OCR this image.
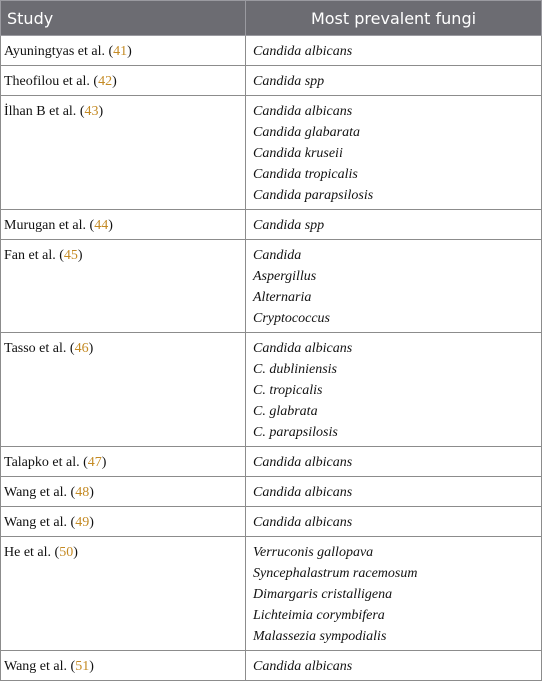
Study	Most prevalent fungi
Ayuningtyas et al. (41)	Candida albicans

Theofilou et al. (42)	Candida spp

İlhan B et al. (43)	Candida albicans
Candida glabarata
Candida kruseii
Candida tropicalis
Candida parapsilosis

Murugan et al. (44)	Candida spp

Fan et al. (45)	Candida
Aspergillus
Alternaria
Cryptococcus

Tasso et al. (46)	Candida albicans
C. dubliniensis
C. tropicalis
C. glabrata
C. parapsilosis

Talapko et al. (47)	Candida albicans

Wang et al. (48)	Candida albicans

Wang et al. (49)	Candida albicans

He et al. (50)	Verruconis gallopava
Syncephalastrum racemosum
Dimargaris cristalligena
Lichteimia corymbifera
Malassezia sympodialis

Wang et al. (51)	Candida albicans
